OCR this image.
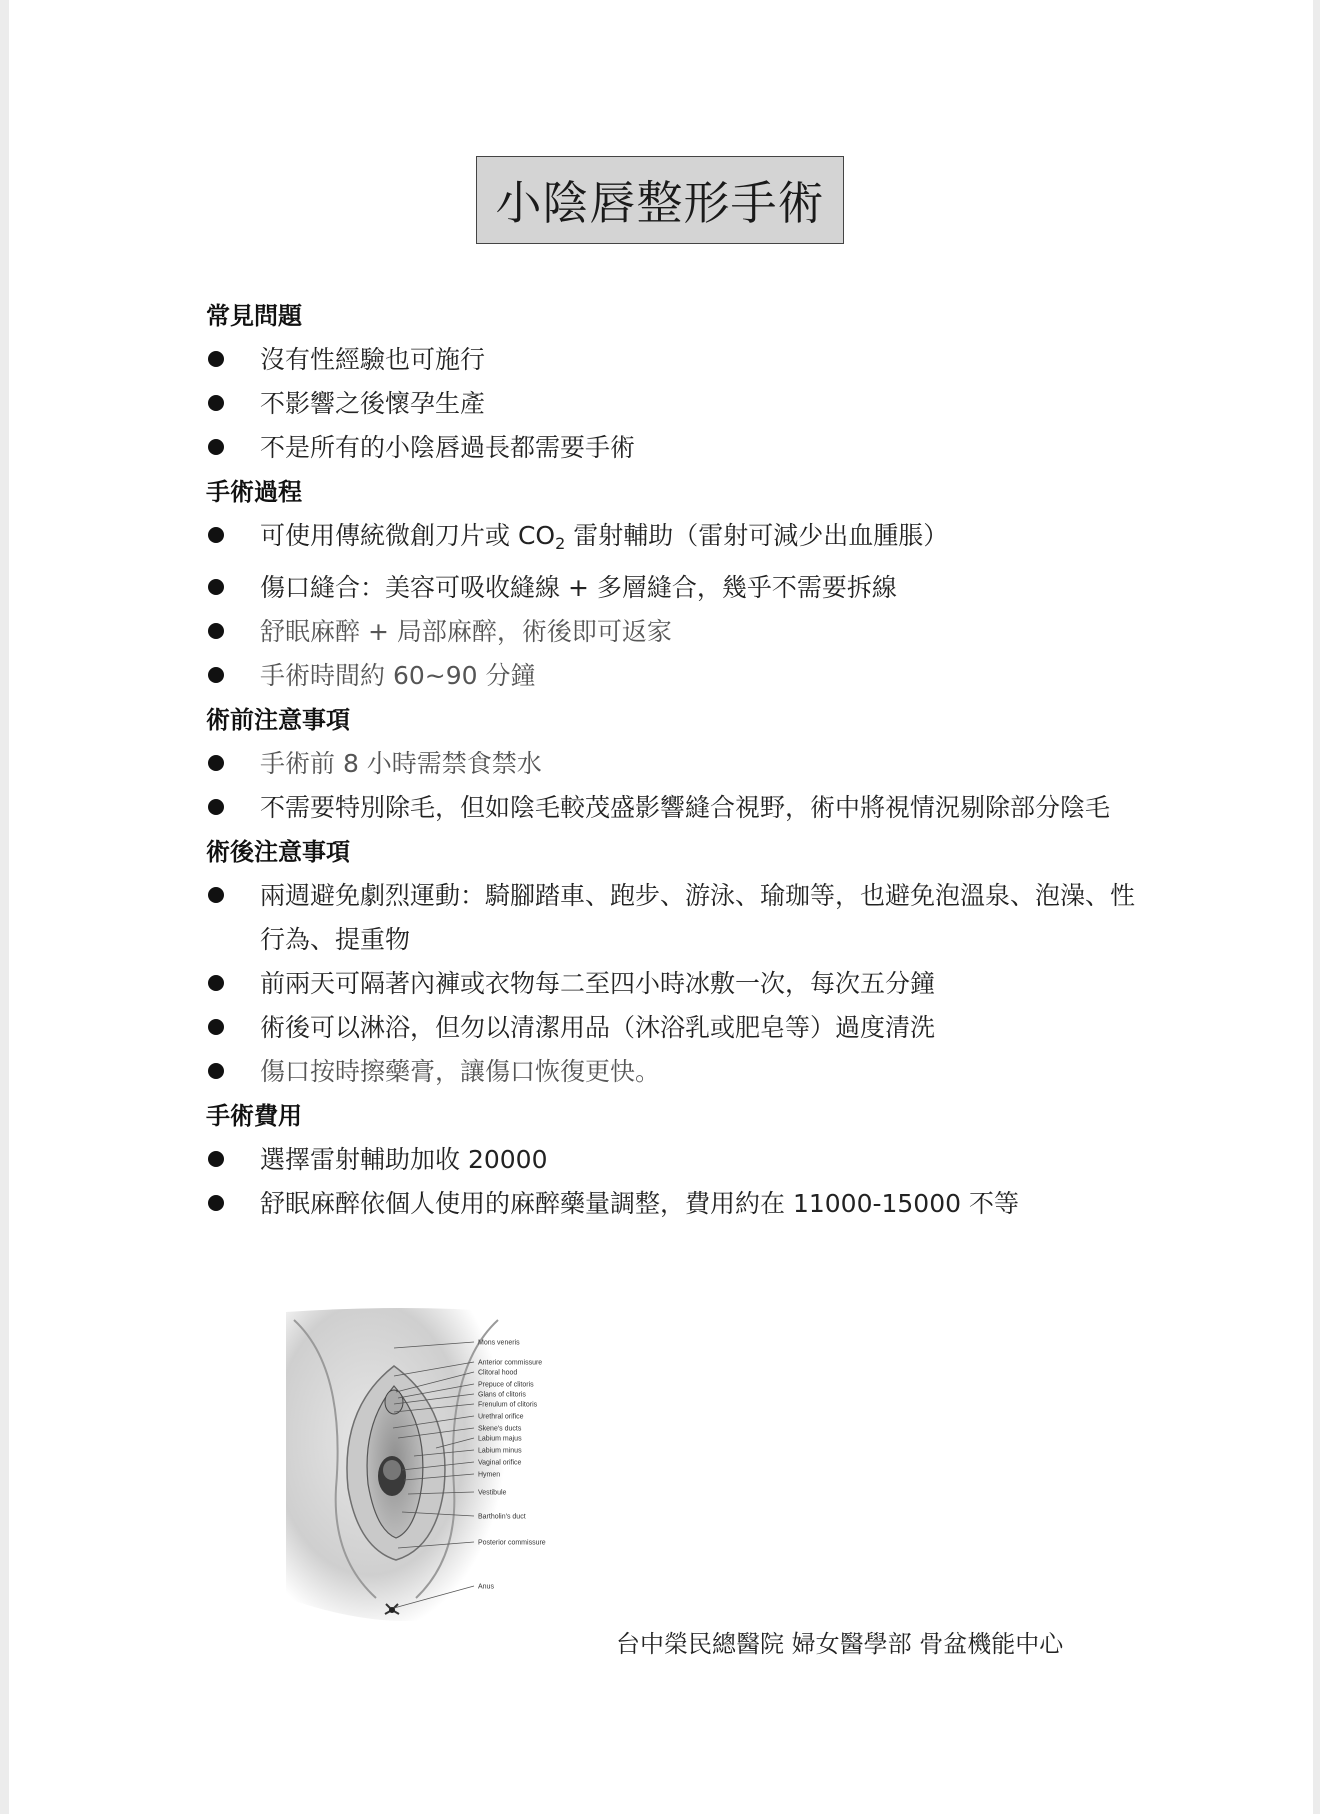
小陰唇整形手術
常見問題
沒有性經驗也可施行
不影響之後懷孕生產
不是所有的小陰唇過長都需要手術
手術過程
可使用傳統微創刀片或 $CO_2$ 雷射輔助（雷射可減少出血腫脹）
傷口縫合：美容可吸收縫線 + 多層縫合，幾乎不需要拆線
舒眠麻醉 + 局部麻醉，術後即可返家
手術時間約 60~90 分鐘
術前注意事項
手術前 8 小時需禁食禁水
不需要特別除毛，但如陰毛較茂盛影響縫合視野，術中將視情況剔除部分陰毛
術後注意事項
兩週避免劇烈運動：騎腳踏車、跑步、游泳、瑜珈等，也避免泡溫泉、泡澡、性行為、提重物
前兩天可隔著內褲或衣物每二至四小時冰敷一次，每次五分鐘
術後可以淋浴，但勿以清潔用品（沐浴乳或肥皂等）過度清洗
傷口按時擦藥膏，讓傷口恢復更快。
手術費用
選擇雷射輔助加收 20000
舒眠麻醉依個人使用的麻醉藥量調整，費用約在 11000-15000 不等
Mons veneris
Anterior commissure
Clitoral hood
Prepuce of clitoris
Glans of clitoris
Frenulum of clitoris
Urethral orifice
Skene's ducts
Labium majus
Labium minus
Vaginal orifice
Hymen
Vestibule
Bartholin's duct
Posterior commissure
Anus
台中榮民總醫院 婦女醫學部 骨盆機能中心
